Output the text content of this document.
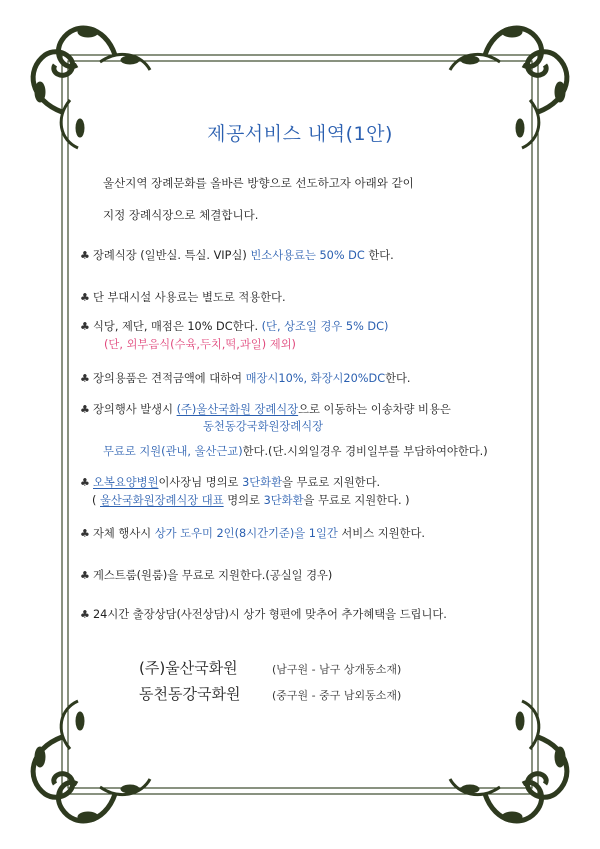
제공서비스 내역(1안)
울산지역 장례문화를 올바른 방향으로 선도하고자 아래와 같이
지정 장례식장으로 체결합니다.
♣ 장례식장 (일반실. 특실. VIP실) 빈소사용료는 50% DC 한다.
♣ 단 부대시설 사용료는 별도로 적용한다.
♣ 식당, 제단, 매점은 10% DC한다. (단, 상조일 경우 5% DC)
(단, 외부음식(수육,두치,떡,과일) 제외)
♣ 장의용품은 견적금액에 대하여 매장시10%, 화장시20%DC한다.
♣ 장의행사 발생시 (주)울산국화원 장례식장으로 이동하는 이송차량 비용은
동천동강국화원장례식장
무료로 지원(관내, 울산근교)한다.(단.시외일경우 경비일부를 부담하여야한다.)
♣ 오복요양병원이사장님 명의로 3단화환을 무료로 지원한다.
( 울산국화원장례식장 대표 명의로 3단화환을 무료로 지원한다. )
♣ 자체 행사시 상가 도우미 2인(8시간기준)을 1일간 서비스 지원한다.
♣ 게스트룸(원룸)을 무료로 지원한다.(공실일 경우)
♣ 24시간 출장상담(사전상담)시 상가 형편에 맞추어 추가혜택을 드립니다.
(주)울산국화원	(남구원 - 남구 상개동소재)
동천동강국화원	(중구원 - 중구 남외동소재)
